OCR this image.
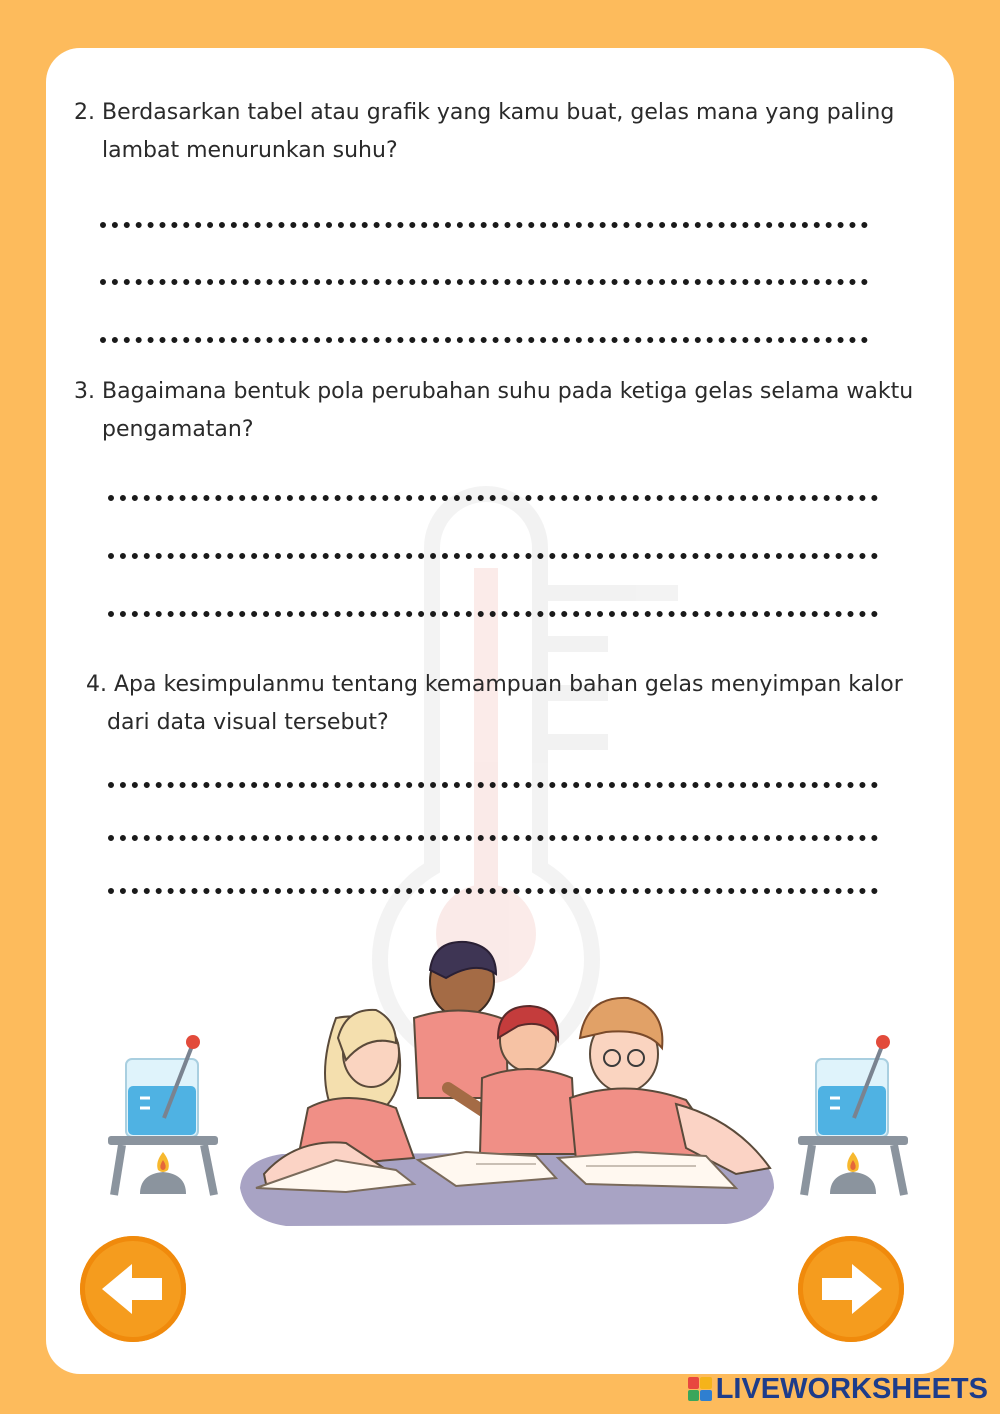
2. Berdasarkan tabel atau grafik yang kamu buat, gelas mana yang paling
lambat menurunkan suhu?

3. Bagaimana bentuk pola perubahan suhu pada ketiga gelas selama waktu
pengamatan?

4. Apa kesimpulanmu tentang kemampuan bahan gelas menyimpan kalor
dari data visual tersebut?

LIVEWORKSHEETS
